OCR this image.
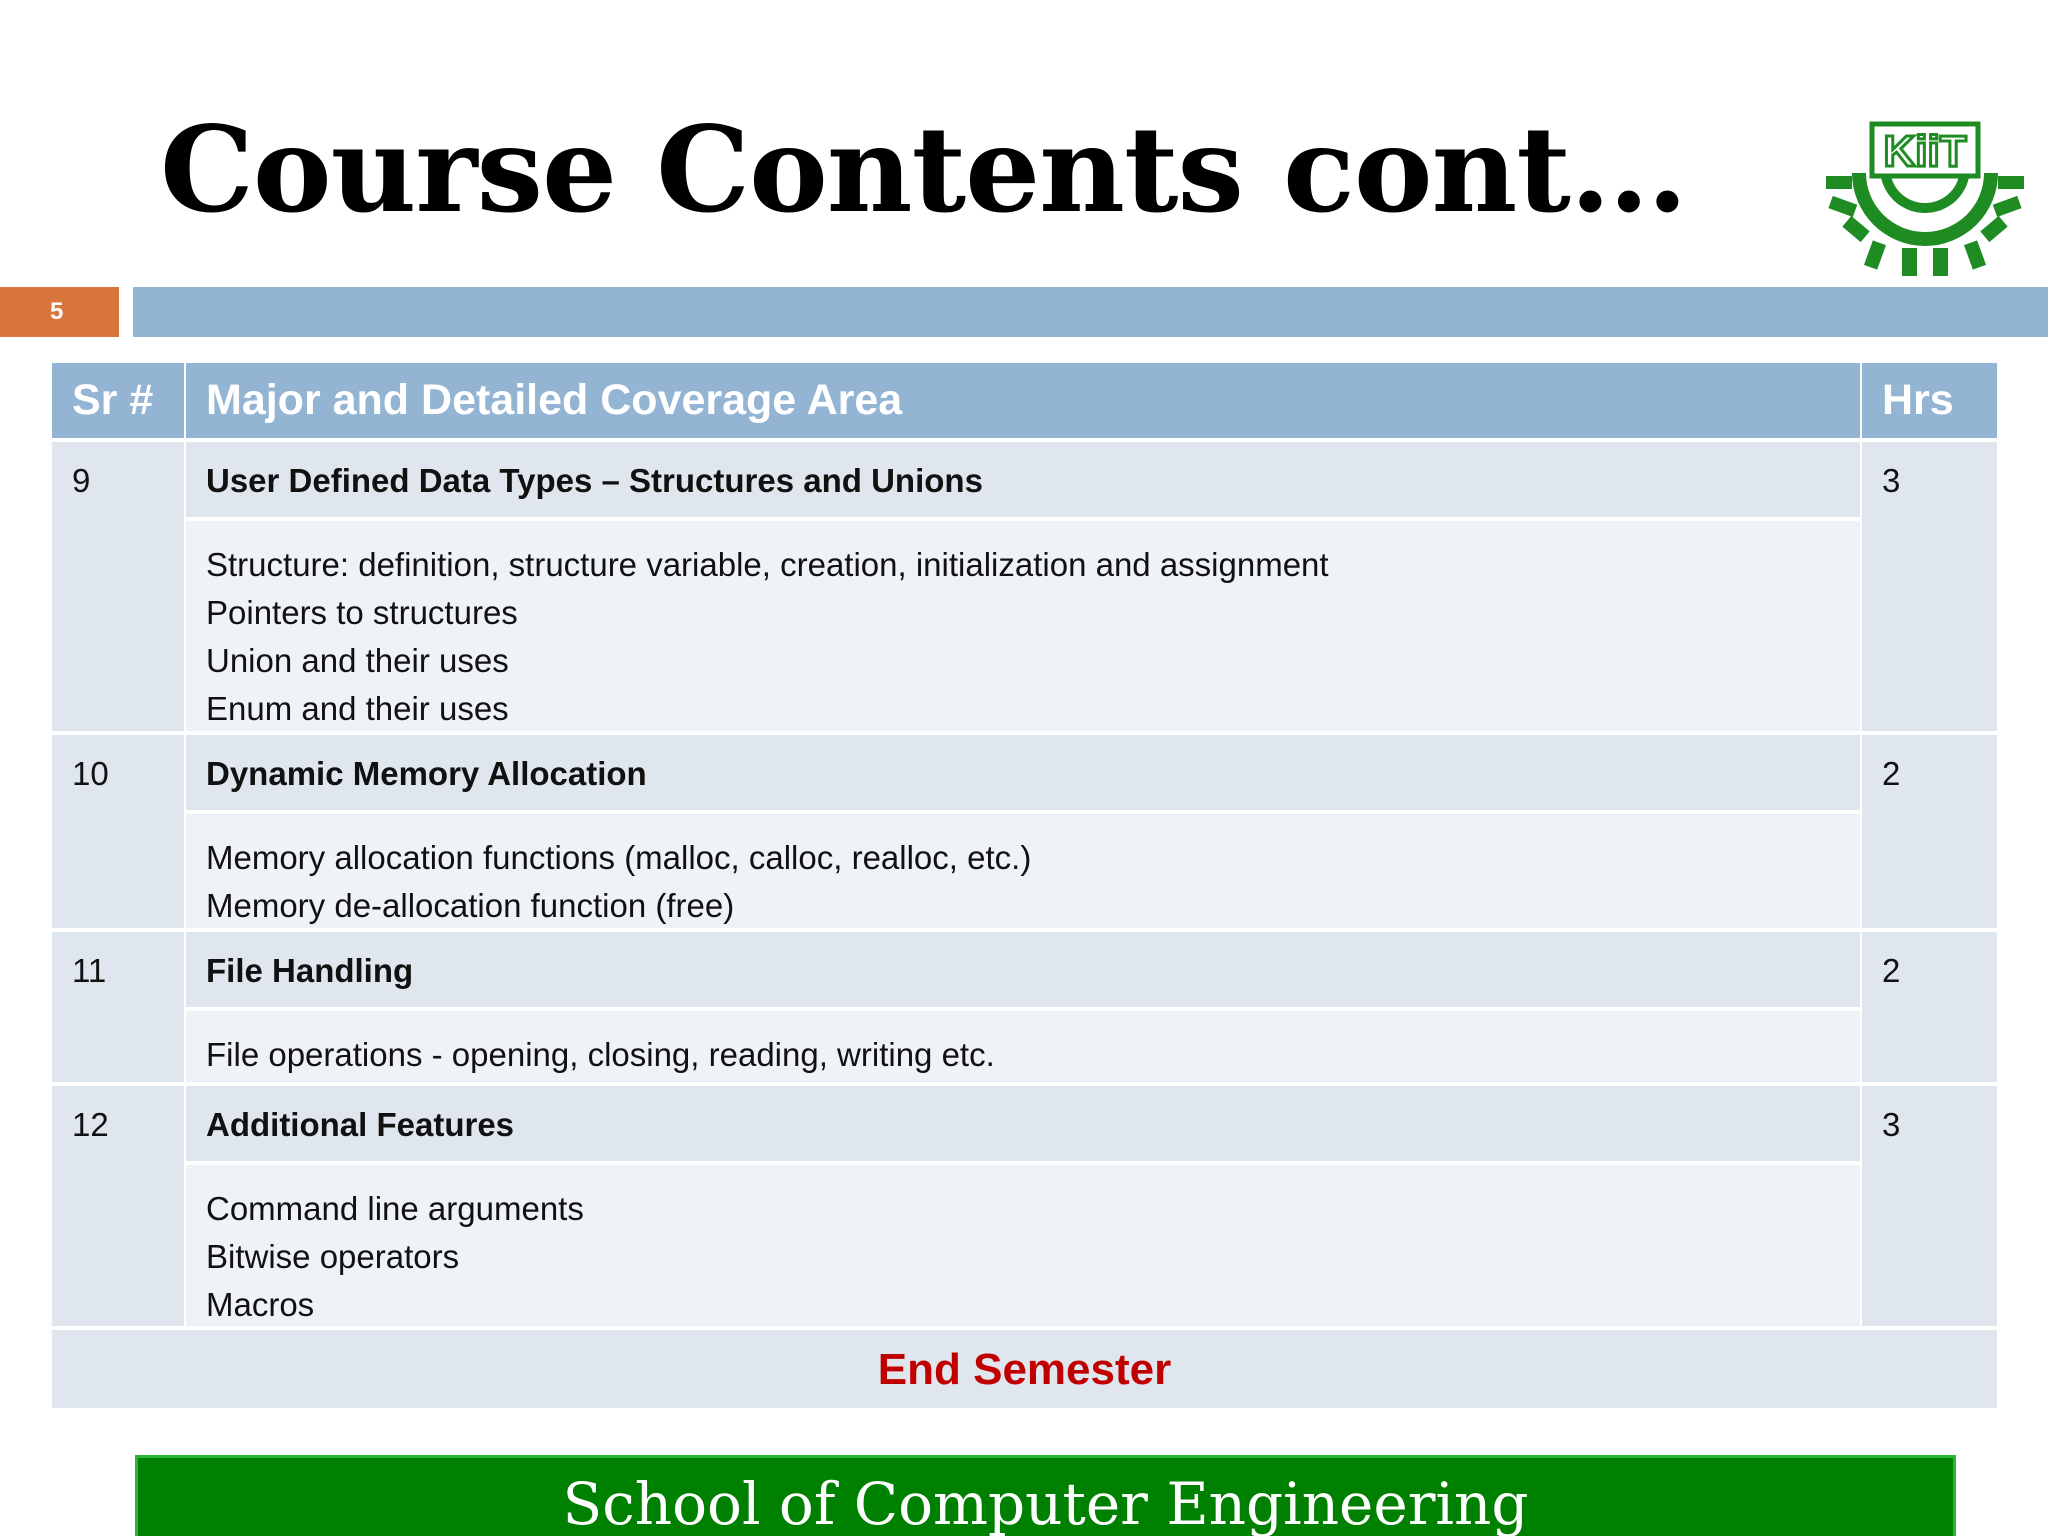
Course Contents cont…	KiiT
5
Sr #	Major and Detailed Coverage Area	Hrs
9	User Defined Data Types – Structures and Unions	3
Structure: definition, structure variable, creation, initialization and assignment
Pointers to structures
Union and their uses
Enum and their uses
10	Dynamic Memory Allocation	2
Memory allocation functions (malloc, calloc, realloc, etc.)
Memory de-allocation function (free)
11	File Handling	2
File operations - opening, closing, reading, writing etc.
12	Additional Features	3
Command line arguments
Bitwise operators
Macros
End Semester
School of Computer Engineering
